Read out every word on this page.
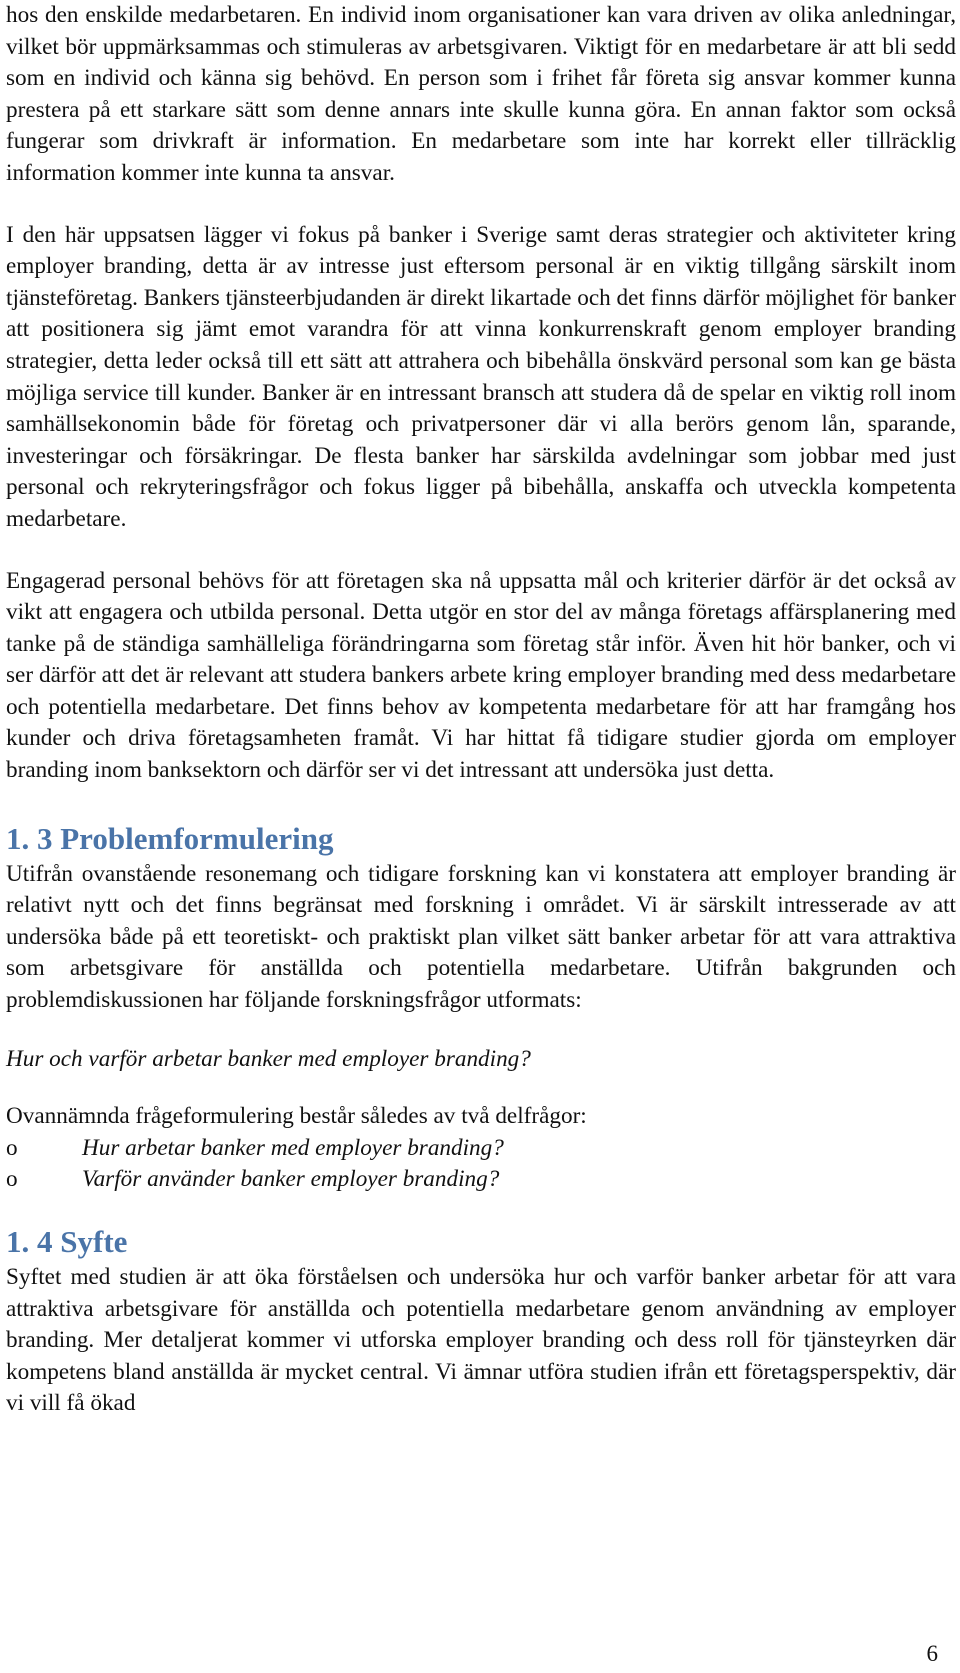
hos den enskilde medarbetaren. En individ inom organisationer kan vara driven av olika anledningar, vilket bör uppmärksammas och stimuleras av arbetsgivaren. Viktigt för en medarbetare är att bli sedd som en individ och känna sig behövd. En person som i frihet får företa sig ansvar kommer kunna prestera på ett starkare sätt som denne annars inte skulle kunna göra. En annan faktor som också fungerar som drivkraft är information. En medarbetare som inte har korrekt eller tillräcklig information kommer inte kunna ta ansvar.

I den här uppsatsen lägger vi fokus på banker i Sverige samt deras strategier och aktiviteter kring employer branding, detta är av intresse just eftersom personal är en viktig tillgång särskilt inom tjänsteföretag. Bankers tjänsteerbjudanden är direkt likartade och det finns därför möjlighet för banker att positionera sig jämt emot varandra för att vinna konkurrenskraft genom employer branding strategier, detta leder också till ett sätt att attrahera och bibehålla önskvärd personal som kan ge bästa möjliga service till kunder. Banker är en intressant bransch att studera då de spelar en viktig roll inom samhällsekonomin både för företag och privatpersoner där vi alla berörs genom lån, sparande, investeringar och försäkringar. De flesta banker har särskilda avdelningar som jobbar med just personal och rekryteringsfrågor och fokus ligger på bibehålla, anskaffa och utveckla kompetenta medarbetare.

Engagerad personal behövs för att företagen ska nå uppsatta mål och kriterier därför är det också av vikt att engagera och utbilda personal. Detta utgör en stor del av många företags affärsplanering med tanke på de ständiga samhälleliga förändringarna som företag står inför. Även hit hör banker, och vi ser därför att det är relevant att studera bankers arbete kring employer branding med dess medarbetare och potentiella medarbetare. Det finns behov av kompetenta medarbetare för att har framgång hos kunder och driva företagsamheten framåt. Vi har hittat få tidigare studier gjorda om employer branding inom banksektorn och därför ser vi det intressant att undersöka just detta.

1. 3 Problemformulering

Utifrån ovanstående resonemang och tidigare forskning kan vi konstatera att employer branding är relativt nytt och det finns begränsat med forskning i området. Vi är särskilt intresserade av att undersöka både på ett teoretiskt- och praktiskt plan vilket sätt banker arbetar för att vara attraktiva som arbetsgivare för anställda och potentiella medarbetare. Utifrån bakgrunden och problemdiskussionen har följande forskningsfrågor utformats:

Hur och varför arbetar banker med employer branding?

Ovannämnda frågeformulering består således av två delfrågor:

o	Hur arbetar banker med employer branding?
o	Varför använder banker employer branding?
1. 4 Syfte

Syftet med studien är att öka förståelsen och undersöka hur och varför banker arbetar för att vara attraktiva arbetsgivare för anställda och potentiella medarbetare genom användning av employer branding. Mer detaljerat kommer vi utforska employer branding och dess roll för tjänsteyrken där kompetens bland anställda är mycket central. Vi ämnar utföra studien ifrån ett företagsperspektiv, där vi vill få ökad

6
